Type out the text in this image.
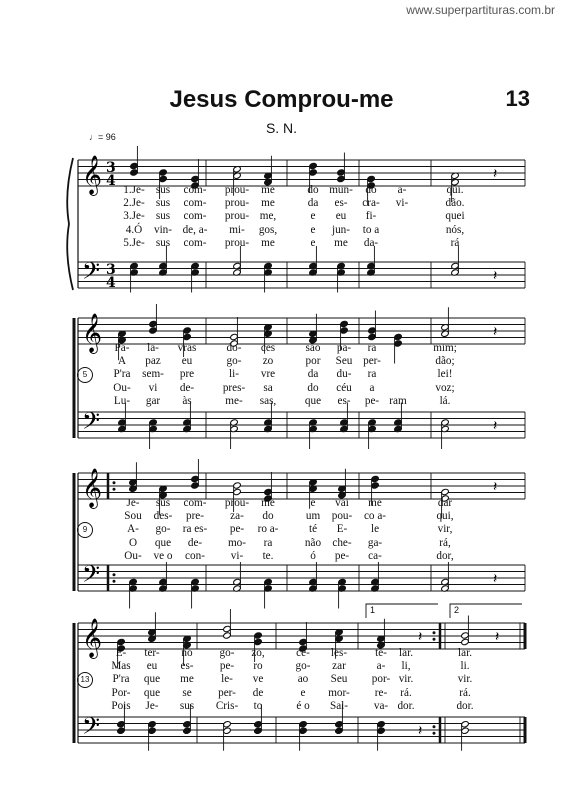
www.superpartituras.com.br
Jesus Comprou-me	13
S. N.
♩= 96
𝄞
𝄢
3
3
4
4
𝄽
𝄽
𝄞
𝄢
𝄽
𝄽
𝄞
𝄢
𝄽
𝄽
𝄞
𝄢
𝄽
𝄽
𝄽
1.Je- sus com- prou- me	do mun- do a-	qui.
2.Je- sus com- prou- me	da es- cra- vi-	dão.
3.Je- sus com- prou- me,	e eu fi-	quei
4.Ó vin- de, a- mi- gos,	e jun- to a	nós,
5.Je- sus com- prou- me	e me da-	rá
5
Pa- la- vras	do- ces	são pa- ra	mim;
A paz eu	go- zo	por Seu per-	dão;
P'ra sem- pre	li- vre	da du- ra	lei!
Ou- vi de-	pres- sa	do céu a	voz;
Lu- gar às	me- sas,	que es- pe- ram	lá.
9
Je- sus com- prou- me	e vai me	dar
Sou des- pre- za- do	um pou- co a-	qui,
A- go- ra es- pe- ro a-	té E- le	vir,
O que de- mo- ra	não che- ga-	rá,
Ou- ve o con- vi- te.	ó pe- ca-	dor,
13
1	2
E- ter- no go- zo,	ce- les-	te- lar.	lar.
Mas eu es- pe- ro	go- zar	a- li,	li.
P'ra que me le- ve	ao Seu por- vir.	vir.
Por- que se per- de	e mor- re- rá.	rá.
Pois Je- sus Cris- to	é o Sal- va- dor.	dor.
